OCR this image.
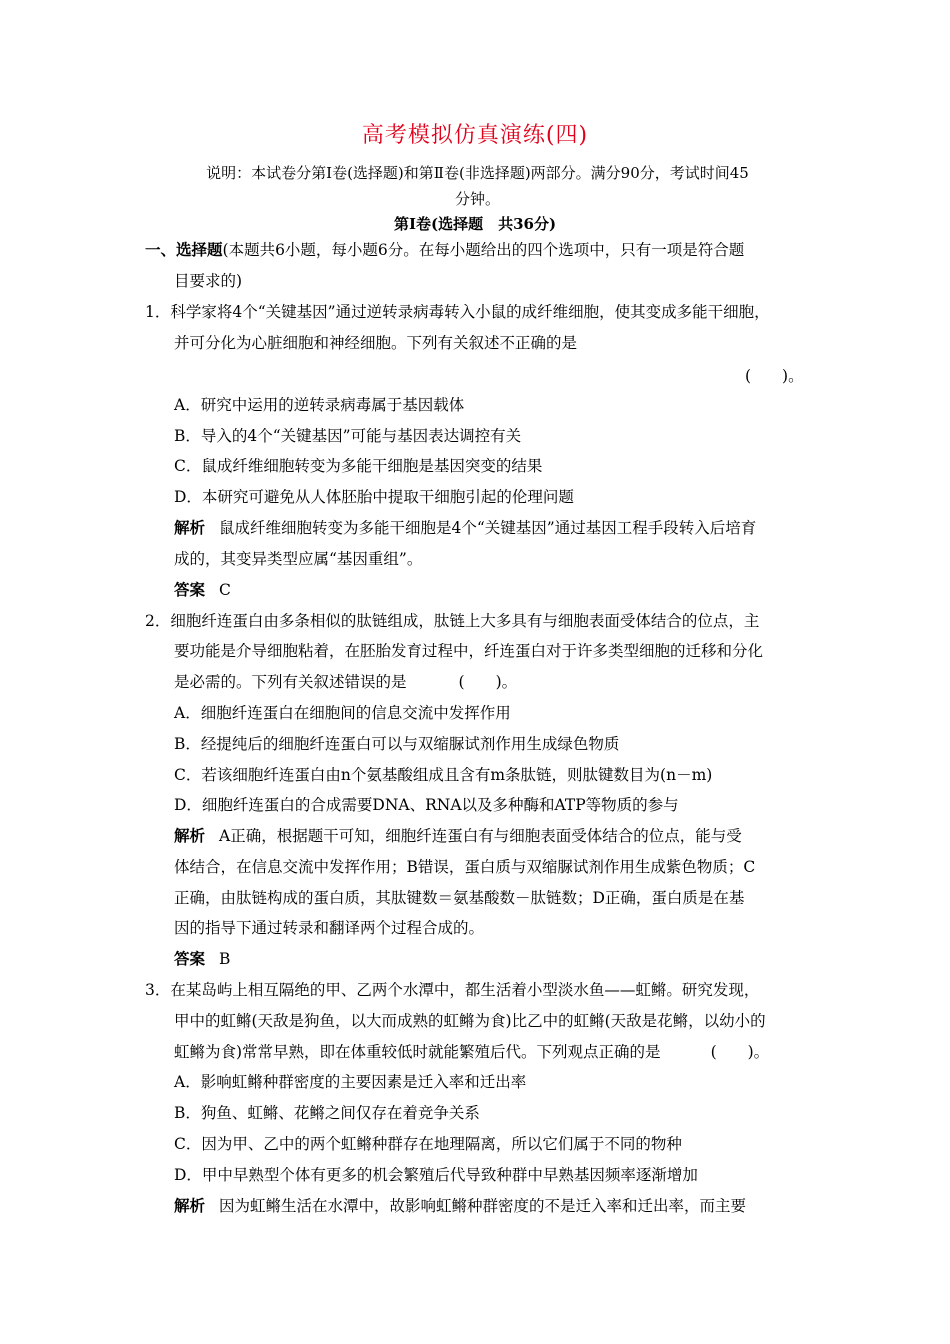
高考模拟仿真演练(四)
说明：本试卷分第Ⅰ卷(选择题)和第Ⅱ卷(非选择题)两部分。满分90分，考试时间45
分钟。
第Ⅰ卷(选择题　共36分)
一、选择题(本题共6小题，每小题6分。在每小题给出的四个选项中，只有一项是符合题
目要求的)
1．科学家将4个“关键基因”通过逆转录病毒转入小鼠的成纤维细胞，使其变成多能干细胞，
并可分化为心脏细胞和神经细胞。下列有关叙述不正确的是
(　　)。
A．研究中运用的逆转录病毒属于基因载体
B．导入的4个“关键基因”可能与基因表达调控有关
C．鼠成纤维细胞转变为多能干细胞是基因突变的结果
D．本研究可避免从人体胚胎中提取干细胞引起的伦理问题
解析 鼠成纤维细胞转变为多能干细胞是4个“关键基因”通过基因工程手段转入后培育
成的，其变异类型应属“基因重组”。
答案 C
2．细胞纤连蛋白由多条相似的肽链组成，肽链上大多具有与细胞表面受体结合的位点，主
要功能是介导细胞粘着，在胚胎发育过程中，纤连蛋白对于许多类型细胞的迁移和分化
是必需的。下列有关叙述错误的是	(　　)。
A．细胞纤连蛋白在细胞间的信息交流中发挥作用
B．经提纯后的细胞纤连蛋白可以与双缩脲试剂作用生成绿色物质
C．若该细胞纤连蛋白由n个氨基酸组成且含有m条肽链，则肽键数目为(n－m)
D．细胞纤连蛋白的合成需要DNA、RNA以及多种酶和ATP等物质的参与
解析 A正确，根据题干可知，细胞纤连蛋白有与细胞表面受体结合的位点，能与受
体结合，在信息交流中发挥作用；B错误，蛋白质与双缩脲试剂作用生成紫色物质；C
正确，由肽链构成的蛋白质，其肽键数＝氨基酸数－肽链数；D正确，蛋白质是在基
因的指导下通过转录和翻译两个过程合成的。
答案 B
3．在某岛屿上相互隔绝的甲、乙两个水潭中，都生活着小型淡水鱼——虹鳉。研究发现，
甲中的虹鳉(天敌是狗鱼，以大而成熟的虹鳉为食)比乙中的虹鳉(天敌是花鳉，以幼小的
虹鳉为食)常常早熟，即在体重较低时就能繁殖后代。下列观点正确的是	(　　)。
A．影响虹鳉种群密度的主要因素是迁入率和迁出率
B．狗鱼、虹鳉、花鳉之间仅存在着竞争关系
C．因为甲、乙中的两个虹鳉种群存在地理隔离，所以它们属于不同的物种
D．甲中早熟型个体有更多的机会繁殖后代导致种群中早熟基因频率逐渐增加
解析 因为虹鳉生活在水潭中，故影响虹鳉种群密度的不是迁入率和迁出率，而主要
